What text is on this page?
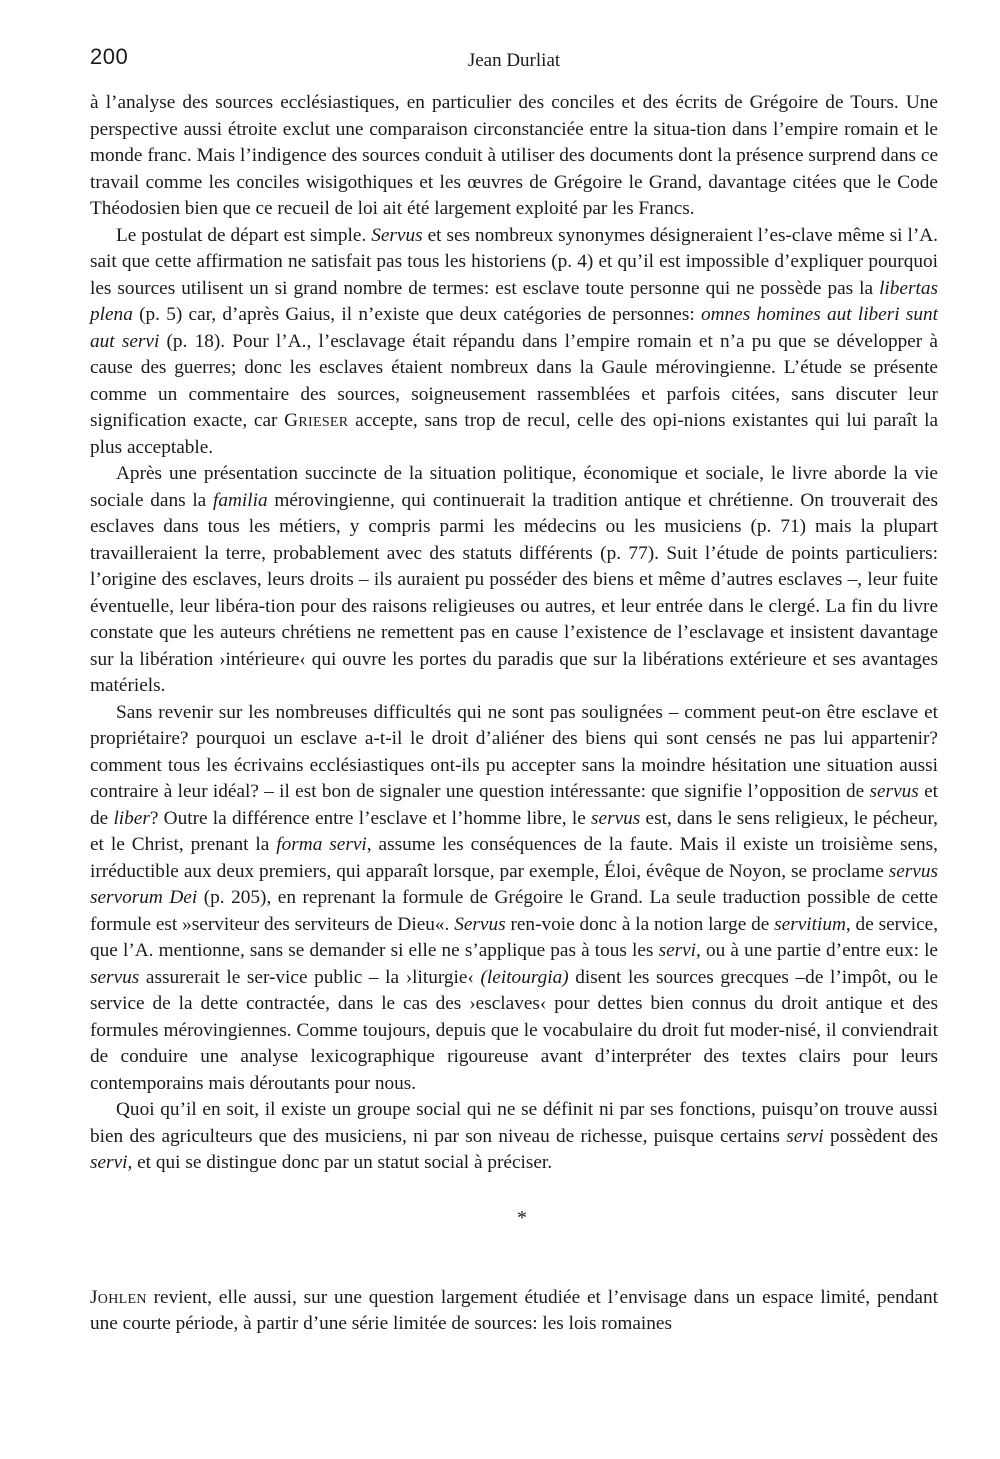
200	Jean Durliat

à l’analyse des sources ecclésiastiques, en particulier des conciles et des écrits de Grégoire de Tours. Une perspective aussi étroite exclut une comparaison circonstanciée entre la situa-tion dans l’empire romain et le monde franc. Mais l’indigence des sources conduit à utiliser des documents dont la présence surprend dans ce travail comme les conciles wisigothiques et les œuvres de Grégoire le Grand, davantage citées que le Code Théodosien bien que ce recueil de loi ait été largement exploité par les Francs.

Le postulat de départ est simple. Servus et ses nombreux synonymes désigneraient l’es-clave même si l’A. sait que cette affirmation ne satisfait pas tous les historiens (p. 4) et qu’il est impossible d’expliquer pourquoi les sources utilisent un si grand nombre de termes: est esclave toute personne qui ne possède pas la libertas plena (p. 5) car, d’après Gaius, il n’existe que deux catégories de personnes: omnes homines aut liberi sunt aut servi (p. 18). Pour l’A., l’esclavage était répandu dans l’empire romain et n’a pu que se développer à cause des guerres; donc les esclaves étaient nombreux dans la Gaule mérovingienne. L’étude se présente comme un commentaire des sources, soigneusement rassemblées et parfois citées, sans discuter leur signification exacte, car Grieser accepte, sans trop de recul, celle des opi-nions existantes qui lui paraît la plus acceptable.

Après une présentation succincte de la situation politique, économique et sociale, le livre aborde la vie sociale dans la familia mérovingienne, qui continuerait la tradition antique et chrétienne. On trouverait des esclaves dans tous les métiers, y compris parmi les médecins ou les musiciens (p. 71) mais la plupart travailleraient la terre, probablement avec des statuts différents (p. 77). Suit l’étude de points particuliers: l’origine des esclaves, leurs droits – ils auraient pu posséder des biens et même d’autres esclaves –, leur fuite éventuelle, leur libéra-tion pour des raisons religieuses ou autres, et leur entrée dans le clergé. La fin du livre constate que les auteurs chrétiens ne remettent pas en cause l’existence de l’esclavage et insistent davantage sur la libération ›intérieure‹ qui ouvre les portes du paradis que sur la libérations extérieure et ses avantages matériels.

Sans revenir sur les nombreuses difficultés qui ne sont pas soulignées – comment peut-on être esclave et propriétaire? pourquoi un esclave a-t-il le droit d’aliéner des biens qui sont censés ne pas lui appartenir? comment tous les écrivains ecclésiastiques ont-ils pu accepter sans la moindre hésitation une situation aussi contraire à leur idéal? – il est bon de signaler une question intéressante: que signifie l’opposition de servus et de liber? Outre la différence entre l’esclave et l’homme libre, le servus est, dans le sens religieux, le pécheur, et le Christ, prenant la forma servi, assume les conséquences de la faute. Mais il existe un troisième sens, irréductible aux deux premiers, qui apparaît lorsque, par exemple, Éloi, évêque de Noyon, se proclame servus servorum Dei (p. 205), en reprenant la formule de Grégoire le Grand. La seule traduction possible de cette formule est »serviteur des serviteurs de Dieu«. Servus ren-voie donc à la notion large de servitium, de service, que l’A. mentionne, sans se demander si elle ne s’applique pas à tous les servi, ou à une partie d’entre eux: le servus assurerait le ser-vice public – la ›liturgie‹ (leitourgia) disent les sources grecques –de l’impôt, ou le service de la dette contractée, dans le cas des ›esclaves‹ pour dettes bien connus du droit antique et des formules mérovingiennes. Comme toujours, depuis que le vocabulaire du droit fut moder-nisé, il conviendrait de conduire une analyse lexicographique rigoureuse avant d’interpréter des textes clairs pour leurs contemporains mais déroutants pour nous.

Quoi qu’il en soit, il existe un groupe social qui ne se définit ni par ses fonctions, puisqu’on trouve aussi bien des agriculteurs que des musiciens, ni par son niveau de richesse, puisque certains servi possèdent des servi, et qui se distingue donc par un statut social à préciser.

*

Johlen revient, elle aussi, sur une question largement étudiée et l’envisage dans un espace limité, pendant une courte période, à partir d’une série limitée de sources: les lois romaines
